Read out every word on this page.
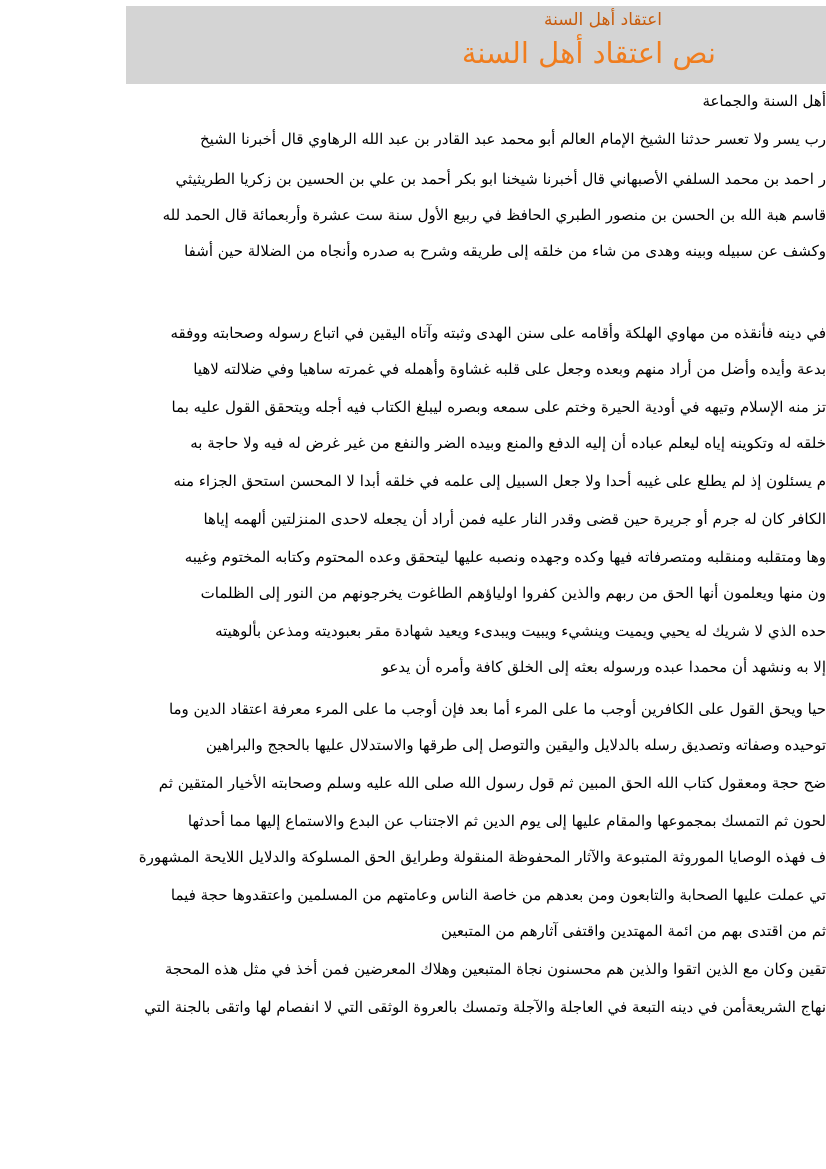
اعتقاد أهل السنة
نص اعتقاد أهل السنة
أهل السنة والجماعة
رب يسر ولا تعسر حدثنا الشيخ الإمام العالم أبو محمد عبد القادر بن عبد الله الرهاوي قال أخبرنا الشيخ
ر احمد بن محمد السلفي الأصبهاني قال أخبرنا شيخنا ابو بكر أحمد بن علي بن الحسين بن زكريا الطريثيثي
قاسم هبة الله بن الحسن بن منصور الطبري الحافظ في ربيع الأول سنة ست عشرة وأربعمائة قال الحمد لله
وكشف عن سبيله وبينه وهدى من شاء من خلقه إلى طريقه وشرح به صدره وأنجاه من الضلالة حين أشفا
في دينه فأنقذه من مهاوي الهلكة وأقامه على سنن الهدى وثبته وآتاه اليقين في اتباع رسوله وصحابته ووفقه
بدعة وأيده وأضل من أراد منهم وبعده وجعل على قلبه غشاوة وأهمله في غمرته ساهيا وفي ضلالته لاهيا
تز منه الإسلام وتيهه في أودية الحيرة وختم على سمعه وبصره ليبلغ الكتاب فيه أجله ويتحقق القول عليه بما
خلقه له وتكوينه إياه ليعلم عباده أن إليه الدفع والمنع وبيده الضر والنفع من غير غرض له فيه ولا حاجة به
م يسئلون إذ لم يطلع على غيبه أحدا ولا جعل السبيل إلى علمه في خلقه أبدا لا المحسن استحق الجزاء منه
الكافر كان له جرم أو جريرة حين قضى وقدر النار عليه فمن أراد أن يجعله لاحدى المنزلتين ألهمه إياها
وها ومتقلبه ومنقلبه ومتصرفاته فيها وكده وجهده ونصبه عليها ليتحقق وعده المحتوم وكتابه المختوم وغيبه
ون منها ويعلمون أنها الحق من ربهم والذين كفروا اولياؤهم الطاغوت يخرجونهم من النور إلى الظلمات
حده الذي لا شريك له يحيي ويميت وينشيء ويبيت ويبدىء ويعيد شهادة مقر بعبوديته ومذعن بألوهيته
إلا به ونشهد أن محمدا عبده ورسوله بعثه إلى الخلق كافة وأمره أن يدعو
حيا ويحق القول على الكافرين أوجب ما على المرء أما بعد فإن أوجب ما على المرء معرفة اعتقاد الدين وما
توحيده وصفاته وتصديق رسله بالدلايل واليقين والتوصل إلى طرقها والاستدلال عليها بالحجج والبراهين
ضح حجة ومعقول كتاب الله الحق المبين ثم قول رسول الله صلى الله عليه وسلم وصحابته الأخيار المتقين ثم
لحون ثم التمسك بمجموعها والمقام عليها إلى يوم الدين ثم الاجتناب عن البدع والاستماع إليها مما أحدثها
ف فهذه الوصايا الموروثة المتبوعة والآثار المحفوظة المنقولة وطرايق الحق المسلوكة والدلايل اللايحة المشهورة
تي عملت عليها الصحابة والتابعون ومن بعدهم من خاصة الناس وعامتهم من المسلمين واعتقدوها حجة فيما
ثم من اقتدى بهم من ائمة المهتدين واقتفى آثارهم من المتبعين
تقين وكان مع الذين اتقوا والذين هم محسنون نجاة المتبعين وهلاك المعرضين فمن أخذ في مثل هذه المحجة
نهاج الشريعةأمن في دينه التبعة في العاجلة والآجلة وتمسك بالعروة الوثقى التي لا انفصام لها واتقى بالجنة التي
